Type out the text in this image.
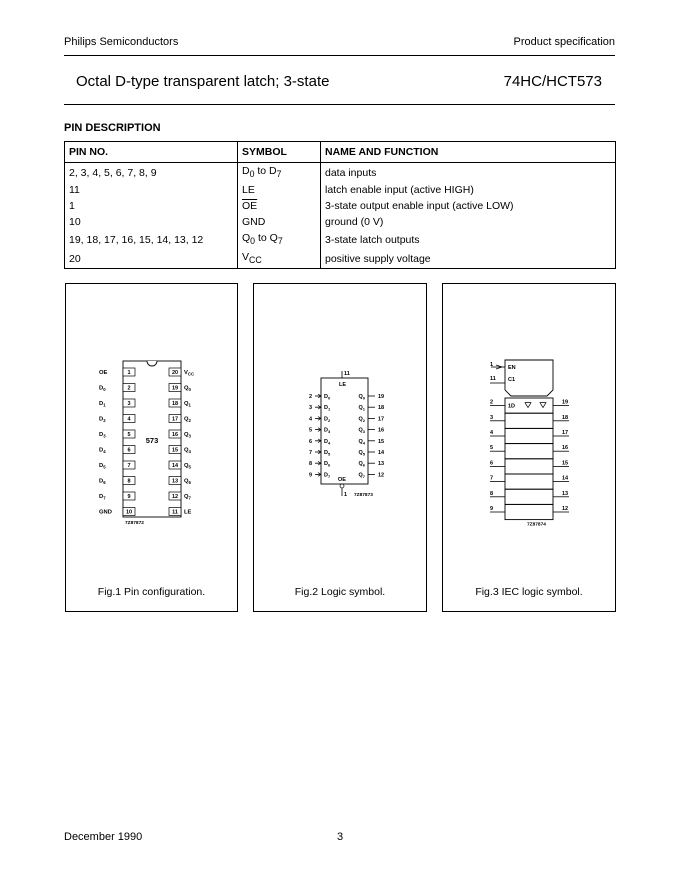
Philips Semiconductors	Product specification
Octal D-type transparent latch; 3-state	74HC/HCT573
PIN DESCRIPTION
PIN NO.	SYMBOL	NAME AND FUNCTION
2, 3, 4, 5, 6, 7, 8, 9	$D_0$ to $D_7$	data inputs
11	LE	latch enable input (active HIGH)
1	$\overline{OE}$	3-state output enable input (active LOW)
10	GND	ground (0 V)
19, 18, 17, 16, 15, 14, 13, 12	$Q_0$ to $Q_7$	3-state latch outputs
20	$V_{CC}$	positive supply voltage
573
1
OE	20 $V_{CC}$
2
$D_0$	19 $Q_0$
3
$D_1$	18 $Q_1$
4
$D_2$	17 $Q_2$
5
$D_3$	16 $Q_3$
6
$D_4$	15 $Q_4$
7
$D_5$	14 $Q_5$
8
$D_6$	13 $Q_6$
9
$D_7$	12 $Q_7$
10
GND	11 LE
7Z87872
Fig.1 Pin configuration.
11
LE
2 $D_0$	$Q_0$ 19
3 $D_1$	$Q_1$ 18
4 $D_2$	$Q_2$ 17
5 $D_3$	$Q_3$ 16
6 $D_4$	$Q_4$ 15
7 $D_5$	$Q_5$ 14
8 $D_6$	$Q_6$ 13
9 $D_7$	$Q_7$ 12
OE
1 7Z87873
Fig.2 Logic symbol.
1	EN
11 C1
2	19
1D
3	18
4	17
5	16
6	15
7	14
8	13
9	12
7Z87874
Fig.3 IEC logic symbol.
December 1990	3
